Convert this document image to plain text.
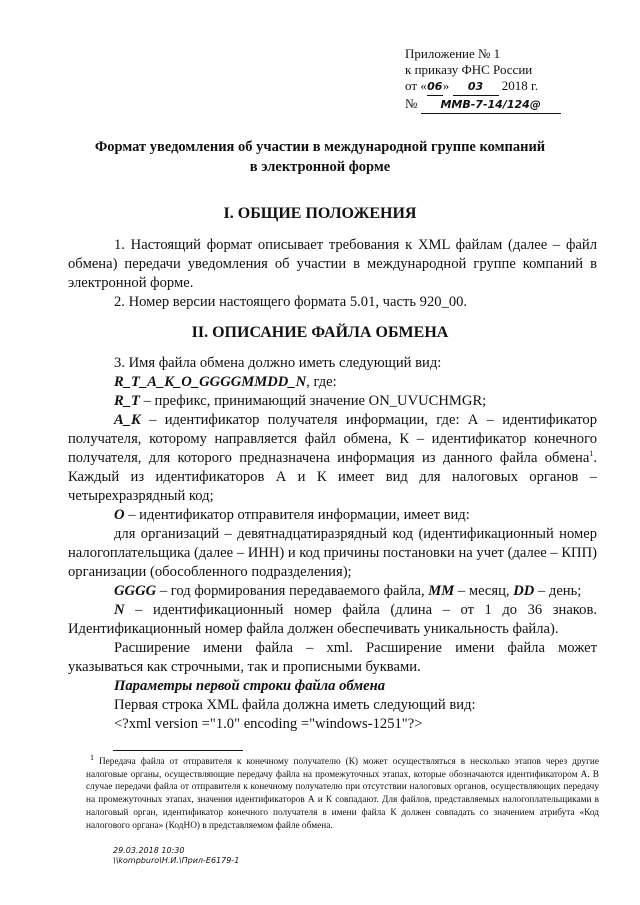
Приложение № 1
к приказу ФНС России
от «06» 03 2018 г.
№ ММВ-7-14/124@
Формат уведомления об участии в международной группе компаний
в электронной форме
I. ОБЩИЕ ПОЛОЖЕНИЯ

1. Настоящий формат описывает требования к XML файлам (далее – файл обмена) передачи уведомления об участии в международной группе компаний в электронной форме.

2. Номер версии настоящего формата 5.01, часть 920_00.

II. ОПИСАНИЕ ФАЙЛА ОБМЕНА

3. Имя файла обмена должно иметь следующий вид:

R_T_A_K_O_GGGGMMDD_N, где:

R_T – префикс, принимающий значение ON_UVUCHMGR;

A_K – идентификатор получателя информации, где: А – идентификатор получателя, которому направляется файл обмена, К – идентификатор конечного получателя, для которого предназначена информация из данного файла обмена$^1$. Каждый из идентификаторов А и К имеет вид для налоговых органов – четырехразрядный код;

O – идентификатор отправителя информации, имеет вид:

для организаций – девятнадцатиразрядный код (идентификационный номер налогоплательщика (далее – ИНН) и код причины постановки на учет (далее – КПП) организации (обособленного подразделения);

GGGG – год формирования передаваемого файла, MM – месяц, DD – день;

N – идентификационный номер файла (длина – от 1 до 36 знаков. Идентификационный номер файла должен обеспечивать уникальность файла).

Расширение имени файла – xml. Расширение имени файла может указываться как строчными, так и прописными буквами.

Параметры первой строки файла обмена

Первая строка XML файла должна иметь следующий вид:

<?xml version ="1.0" encoding ="windows-1251"?>

$^1$ Передача файла от отправителя к конечному получателю (К) может осуществляться в несколько этапов через другие налоговые органы, осуществляющие передачу файла на промежуточных этапах, которые обозначаются идентификатором А. В случае передачи файла от отправителя к конечному получателю при отсутствии налоговых органов, осуществляющих передачу на промежуточных этапах, значения идентификаторов А и К совпадают. Для файлов, представляемых налогоплательщиками в налоговый орган, идентификатор конечного получателя в имени файла К должен совпадать со значением атрибута «Код налогового органа» (КодНО) в представляемом файле обмена.

29.03.2018 10:30
\\kompburo\Н.И.\Прил-Е6179-1
